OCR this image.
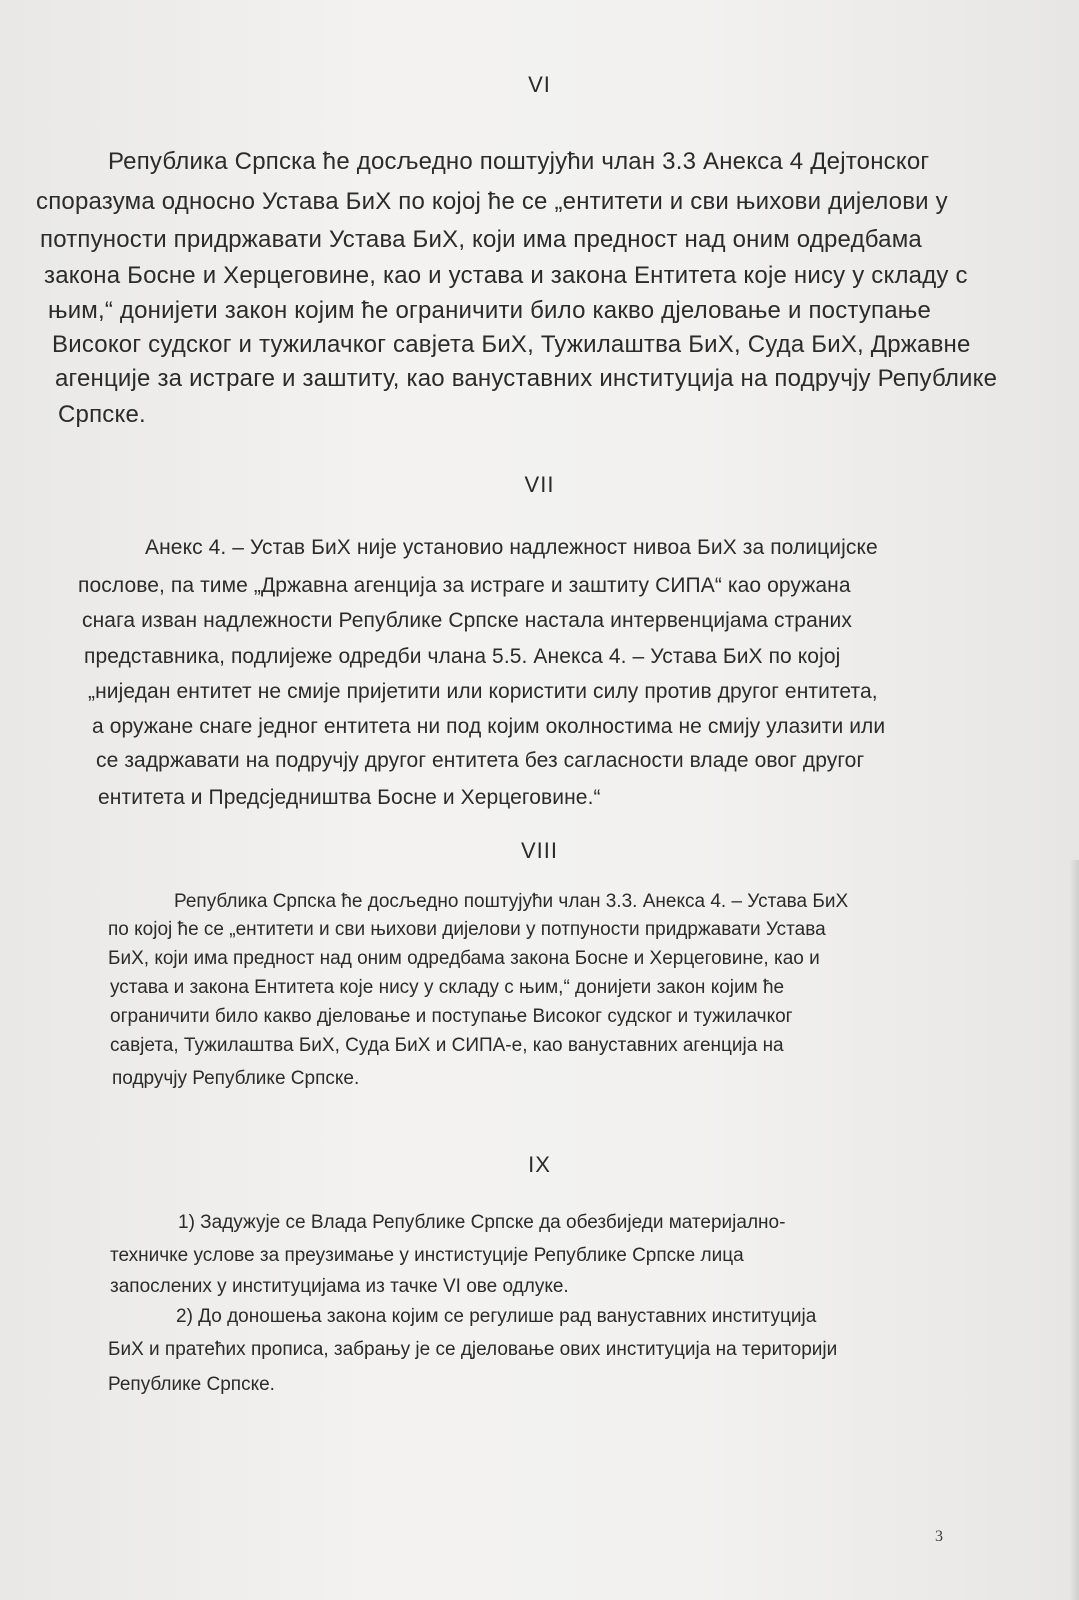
VI
Република Српска ће досљедно поштујући члан 3.3 Анекса 4 Дејтонског
споразума односно Устава БиХ по којој ће се „ентитети и сви њихови дијелови у
потпуности придржавати Устава БиХ, који има предност над оним одредбама
закона Босне и Херцеговине, као и устава и закона Ентитета које нису у складу с
њим,“ донијети закон којим ће ограничити било какво дјеловање и поступање
Високог судског и тужилачког савјета БиХ, Тужилаштва БиХ, Суда БиХ, Државне
агенције за истраге и заштиту, као ванустaвних институција на подручју Републике
Српске.
VII
Анекс 4. – Устав БиХ није установио надлежност нивоа БиХ за полицијске
послове, па тиме „Државна агенција за истраге и заштиту СИПА“ као оружана
снага изван надлежности Републике Српске настала интервенцијама страних
представника, подлијеже одредби члана 5.5. Анекса 4. – Устава БиХ по којој
„ниједан ентитет не смије пријетити или користити силу против другог ентитета,
а оружане снаге једног ентитета ни под којим околностима не смију улазити или
се задржавати на подручју другог ентитета без сагласности владе овог другог
ентитета и Предсједништва Босне и Херцеговине.“
VIII
Република Српска ће досљедно поштујући члан 3.3. Анекса 4. – Устава БиХ
по којој ће се „ентитети и сви њихови дијелови у потпуности придржавати Устава
БиХ, који има предност над оним одредбама закона Босне и Херцеговине, као и
устава и закона Ентитета које нису у складу с њим,“ донијети закон којим ће
ограничити било какво дјеловање и поступање Високог судског и тужилачког
савјета, Тужилаштва БиХ, Суда БиХ и СИПА-е, као ванустaвних агенција на
подручју Републике Српске.
IX
1) Задужује се Влада Републике Српске да обезбиједи материјално-
техничке услове за преузимање у инстистуције Републике Српске лица
запослених у институцијама из тачке VI ове одлуке.
2) До доношења закона којим се регулише рад ванустaвних институција
БиХ и пратећих прописа, забрању је се дјеловање ових институција на територији
Републике Српске.
3
